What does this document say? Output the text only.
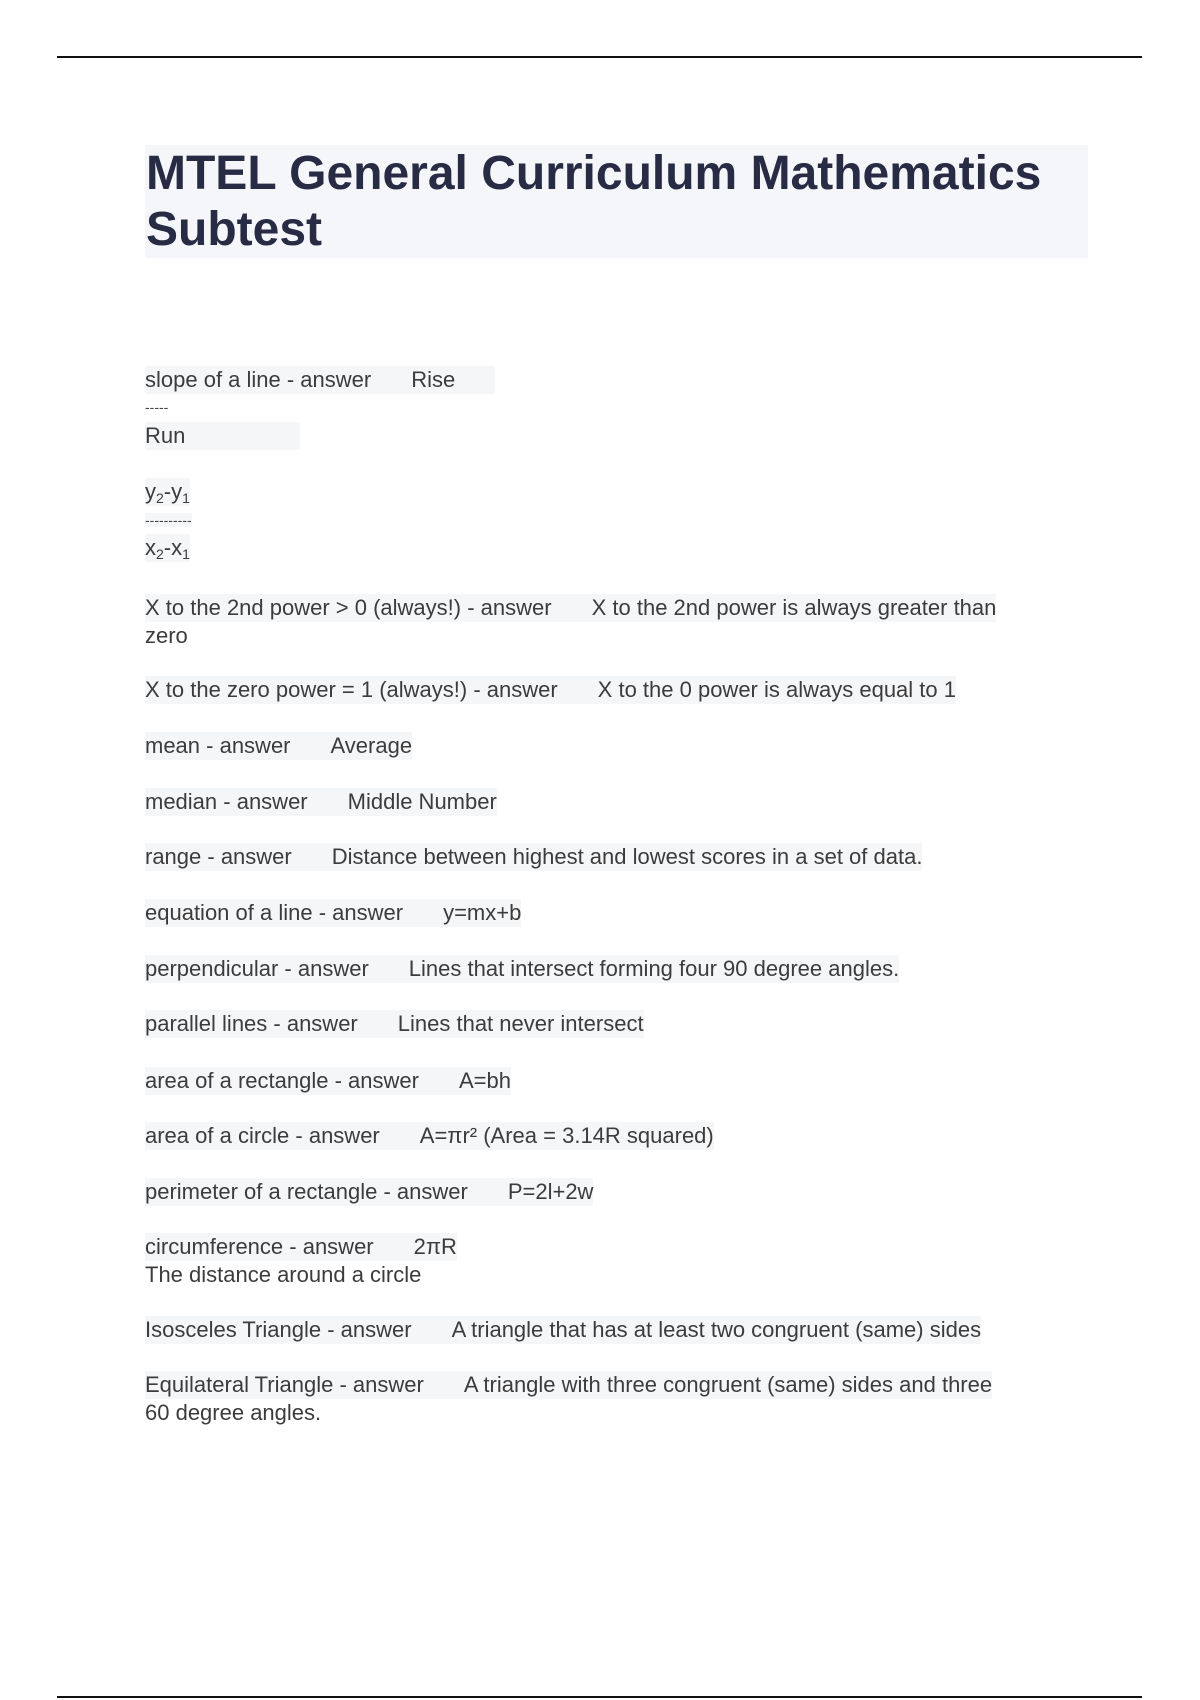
MTEL General Curriculum Mathematics Subtest
slope of a line - answer Rise
-----
Run
$y_2-y_1$
----------
$x_2-x_1$
X to the 2nd power > 0 (always!) - answer X to the 2nd power is always greater than
zero
X to the zero power = 1 (always!) - answer X to the 0 power is always equal to 1
mean - answer Average
median - answer Middle Number
range - answer Distance between highest and lowest scores in a set of data.
equation of a line - answer y=mx+b
perpendicular - answer Lines that intersect forming four 90 degree angles.
parallel lines - answer Lines that never intersect
area of a rectangle - answer A=bh
area of a circle - answer A=πr² (Area = 3.14R squared)
perimeter of a rectangle - answer P=2l+2w
circumference - answer 2πR
The distance around a circle
Isosceles Triangle - answer A triangle that has at least two congruent (same) sides
Equilateral Triangle - answer A triangle with three congruent (same) sides and three
60 degree angles.
